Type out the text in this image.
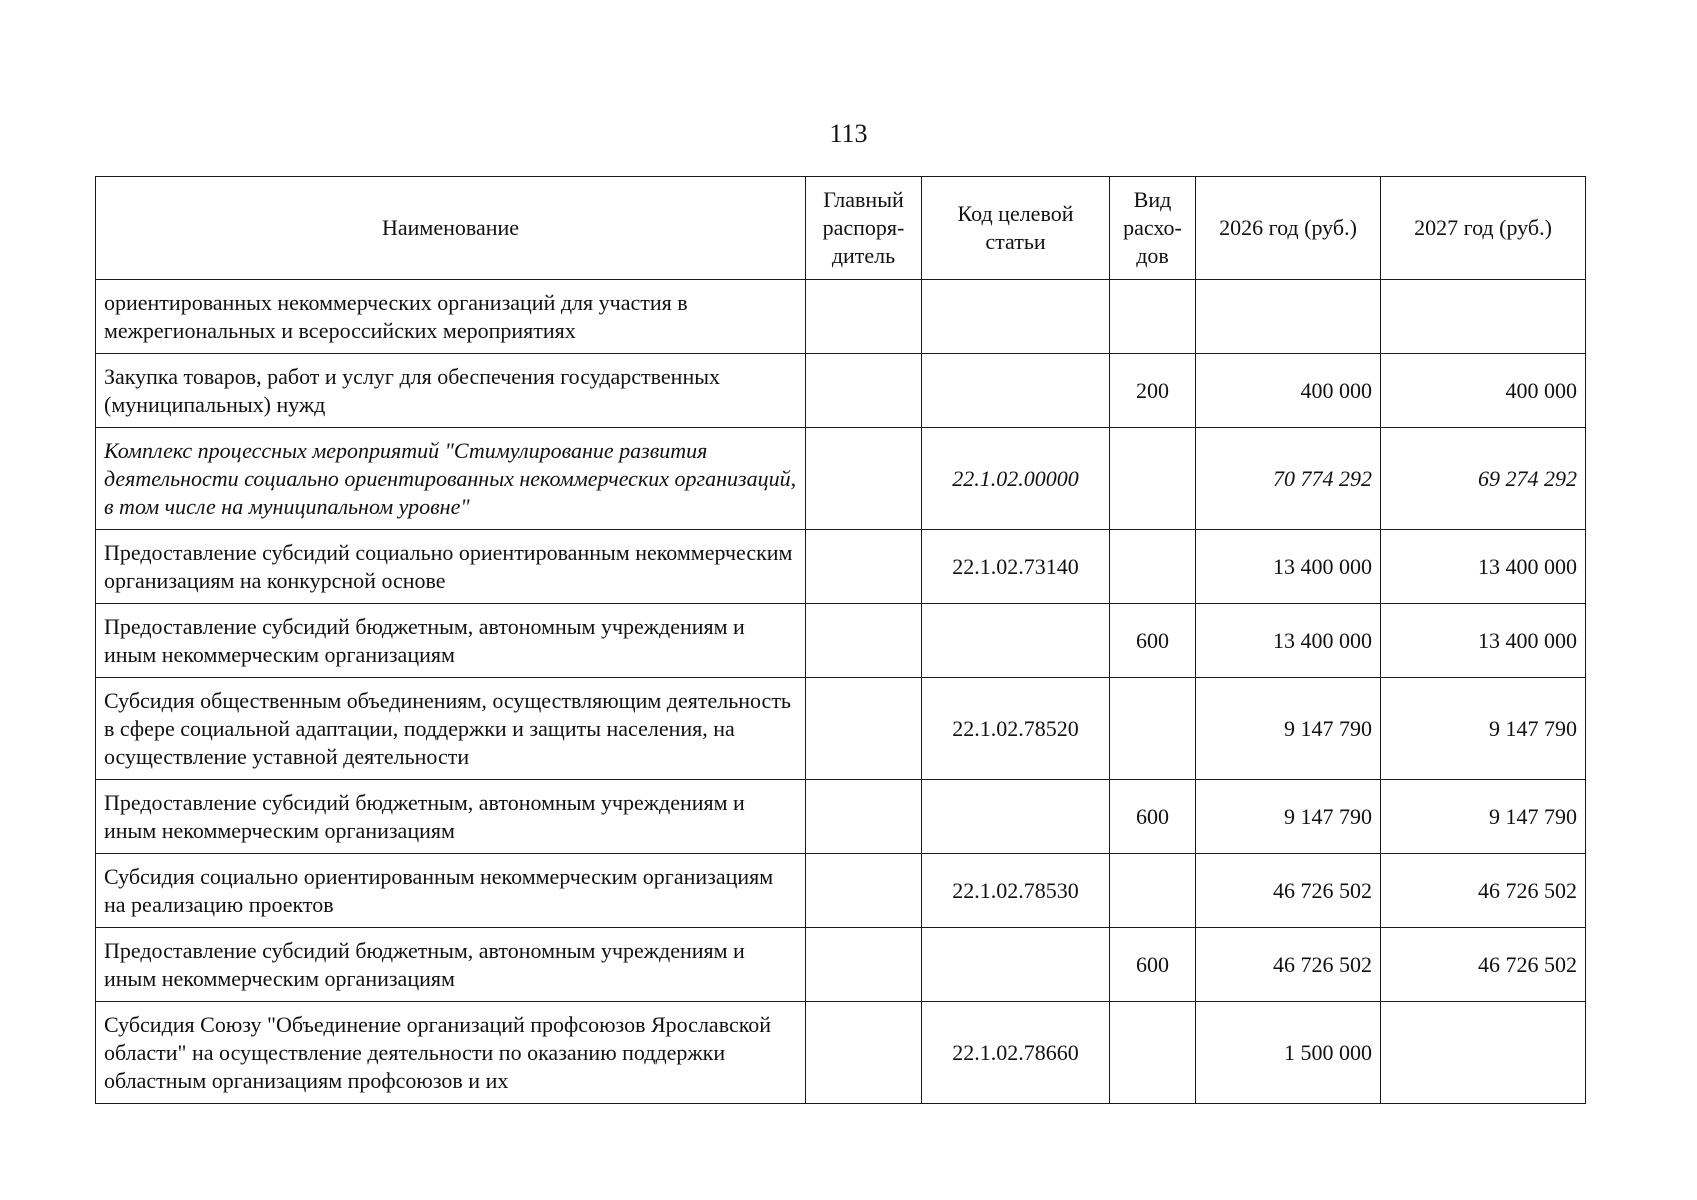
113
Наименование	Главный распоря-дитель	Код целевой статьи	Вид расхо-дов	2026 год (руб.)	2027 год (руб.)
ориентированных некоммерческих организаций для участия в межрегиональных и всероссийских мероприятиях					
Закупка товаров, работ и услуг для обеспечения государственных (муниципальных) нужд			200	400 000	400 000
Комплекс процессных мероприятий "Стимулирование развития деятельности социально ориентированных некоммерческих организаций, в том числе на муниципальном уровне"		22.1.02.00000		70 774 292	69 274 292
Предоставление субсидий социально ориентированным некоммерческим организациям на конкурсной основе		22.1.02.73140		13 400 000	13 400 000
Предоставление субсидий бюджетным, автономным учреждениям и иным некоммерческим организациям			600	13 400 000	13 400 000
Субсидия общественным объединениям, осуществляющим деятельность в сфере социальной адаптации, поддержки и защиты населения, на осуществление уставной деятельности		22.1.02.78520		9 147 790	9 147 790
Предоставление субсидий бюджетным, автономным учреждениям и иным некоммерческим организациям			600	9 147 790	9 147 790
Субсидия социально ориентированным некоммерческим организациям на реализацию проектов		22.1.02.78530		46 726 502	46 726 502
Предоставление субсидий бюджетным, автономным учреждениям и иным некоммерческим организациям			600	46 726 502	46 726 502
Субсидия Союзу "Объединение организаций профсоюзов Ярославской области" на осуществление деятельности по оказанию поддержки областным организациям профсоюзов и их		22.1.02.78660		1 500 000	
